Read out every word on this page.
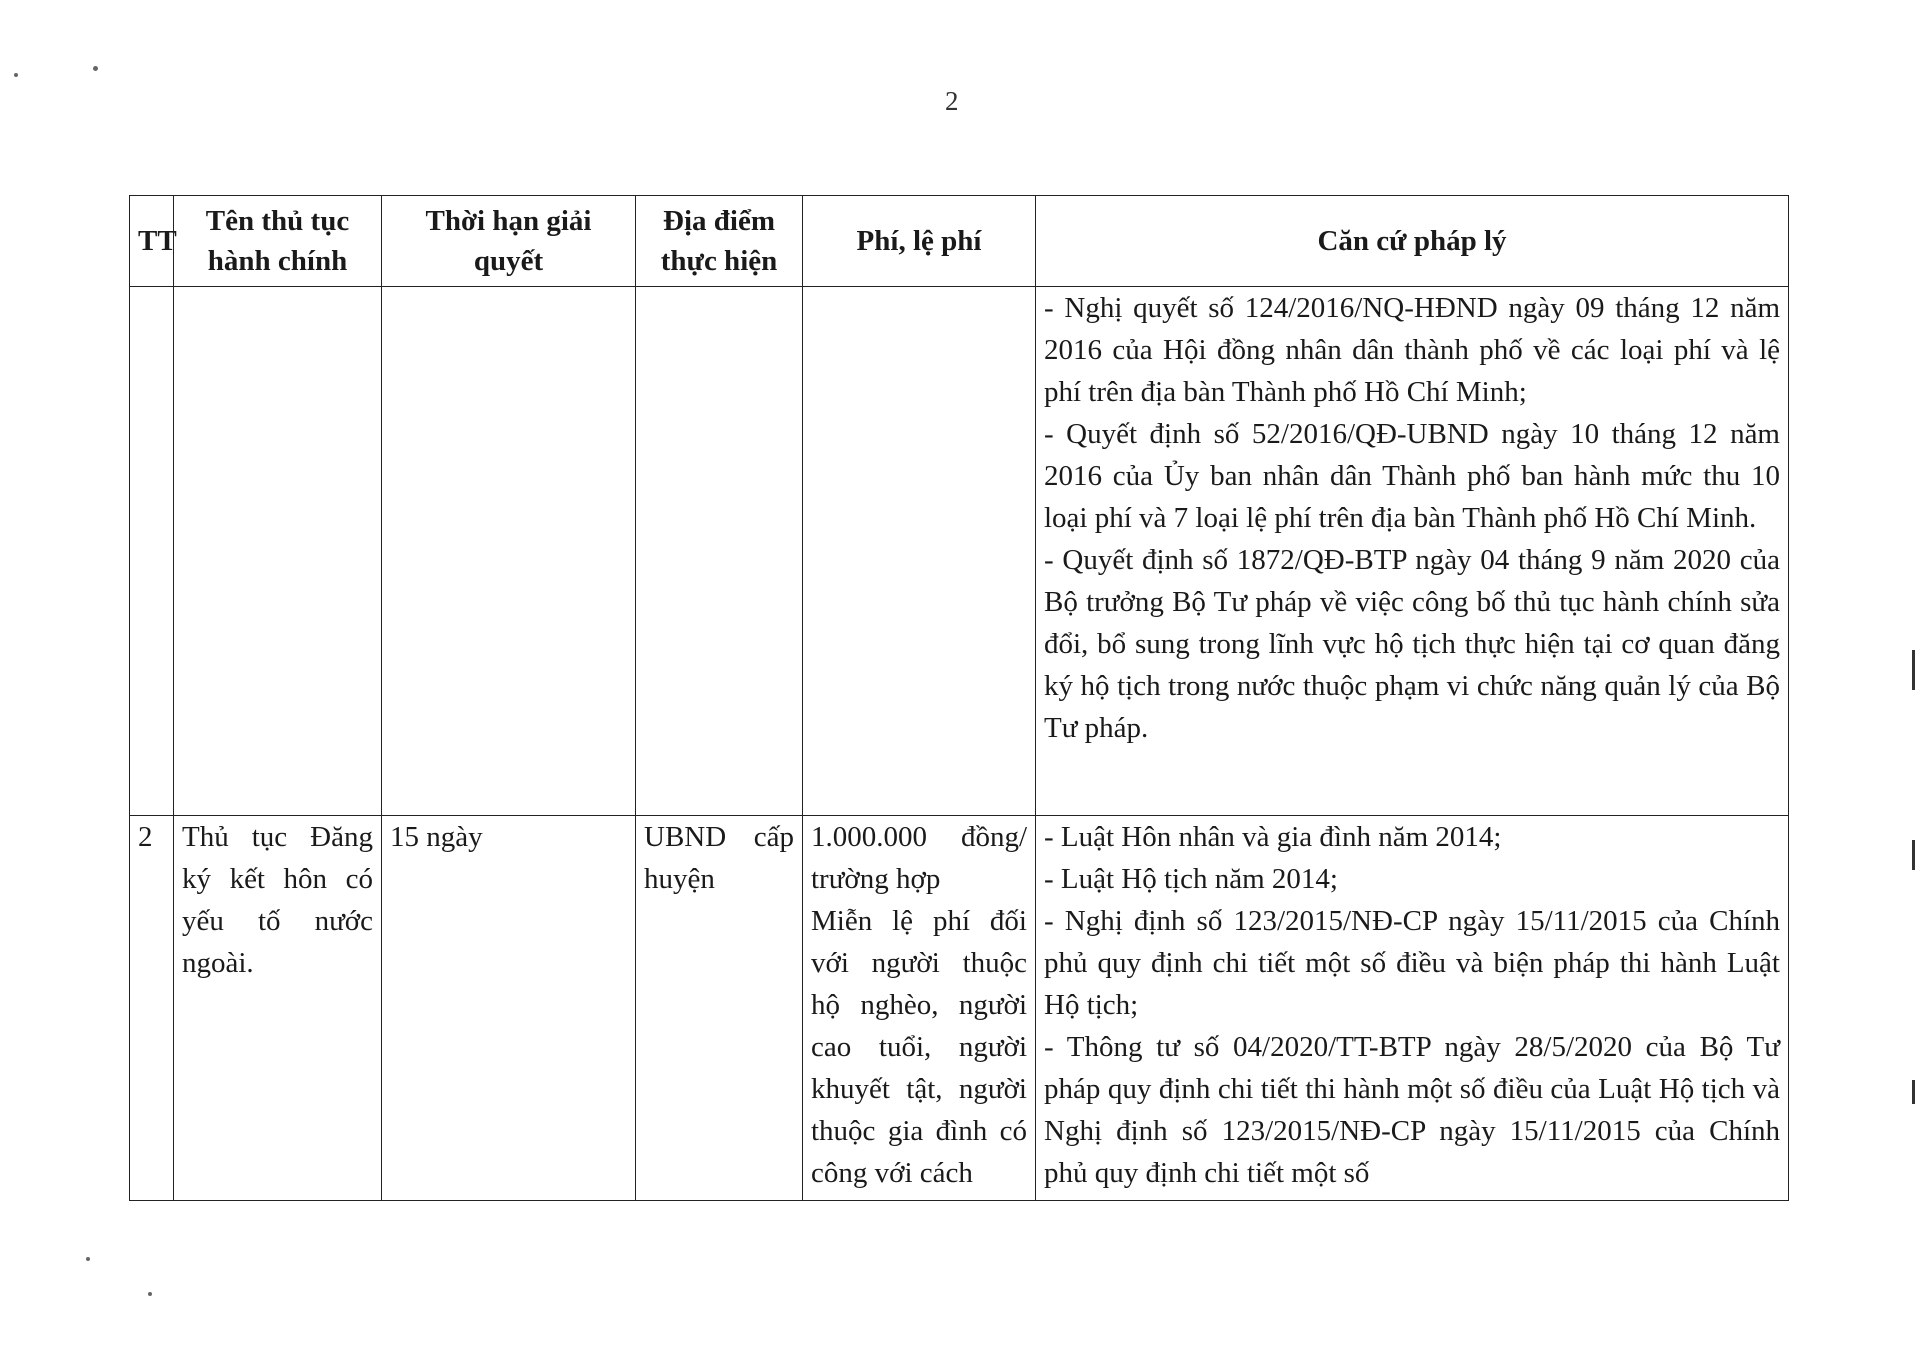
2
TT	Tên thủ tục hành chính	Thời hạn giải quyết	Địa điểm thực hiện	Phí, lệ phí	Căn cứ pháp lý

					- Nghị quyết số 124/2016/NQ-HĐND ngày 09 tháng 12 năm 2016 của Hội đồng nhân dân thành phố về các loại phí và lệ phí trên địa bàn Thành phố Hồ Chí Minh;
- Quyết định số 52/2016/QĐ-UBND ngày 10 tháng 12 năm 2016 của Ủy ban nhân dân Thành phố ban hành mức thu 10 loại phí và 7 loại lệ phí trên địa bàn Thành phố Hồ Chí Minh.
- Quyết định số 1872/QĐ-BTP ngày 04 tháng 9 năm 2020 của Bộ trưởng Bộ Tư pháp về việc công bố thủ tục hành chính sửa đổi, bổ sung trong lĩnh vực hộ tịch thực hiện tại cơ quan đăng ký hộ tịch trong nước thuộc phạm vi chức năng quản lý của Bộ Tư pháp.

2	Thủ tục Đăng ký kết hôn có yếu tố nước ngoài.	15 ngày	UBND cấp huyện	1.000.000 đồng/ trường hợp
Miễn lệ phí đối với người thuộc hộ nghèo, người cao tuổi, người khuyết tật, người thuộc gia đình có công với cách	- Luật Hôn nhân và gia đình năm 2014;
- Luật Hộ tịch năm 2014;
- Nghị định số 123/2015/NĐ-CP ngày 15/11/2015 của Chính phủ quy định chi tiết một số điều và biện pháp thi hành Luật Hộ tịch;
- Thông tư số 04/2020/TT-BTP ngày 28/5/2020 của Bộ Tư pháp quy định chi tiết thi hành một số điều của Luật Hộ tịch và Nghị định số 123/2015/NĐ-CP ngày 15/11/2015 của Chính phủ quy định chi tiết một số
